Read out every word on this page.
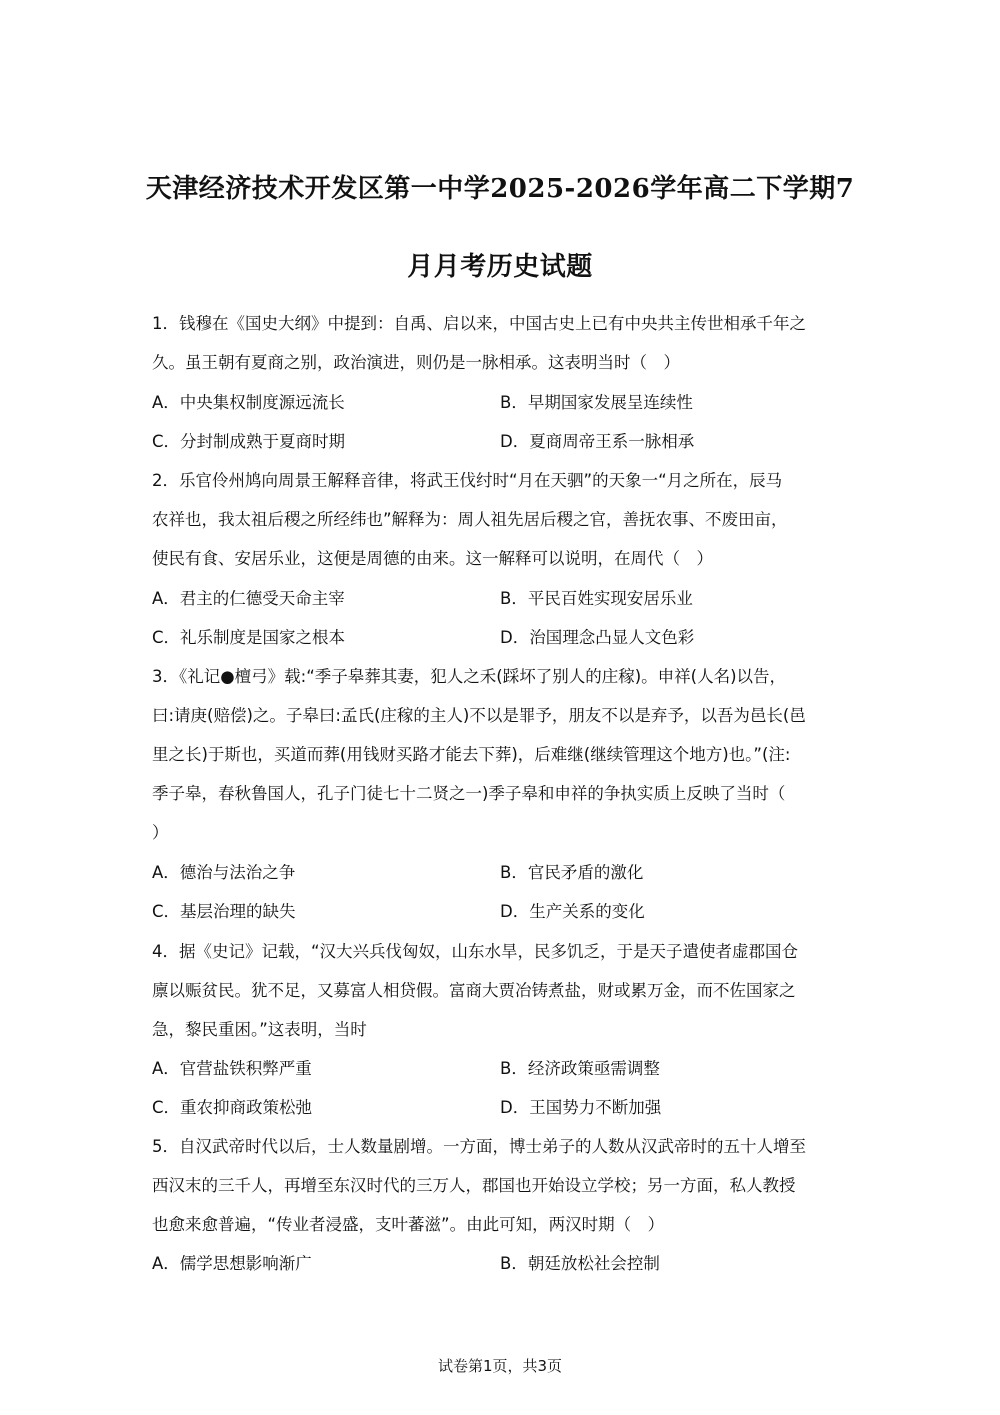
天津经济技术开发区第一中学2025-2026学年高二下学期7
月月考历史试题

1．钱穆在《国史大纲》中提到：自禹、启以来，中国古史上已有中央共主传世相承千年之

久。虽王朝有夏商之别，政治演进，则仍是一脉相承。这表明当时（　）

A．中央集权制度源远流长	B．早期国家发展呈连续性
C．分封制成熟于夏商时期	D．夏商周帝王系一脉相承

2．乐官伶州鸠向周景王解释音律，将武王伐纣时“月在天驷”的天象一“月之所在，辰马

农祥也，我太祖后稷之所经纬也”解释为：周人祖先居后稷之官，善抚农事、不废田亩，

使民有食、安居乐业，这便是周德的由来。这一解释可以说明，在周代（　）

A．君主的仁德受天命主宰	B．平民百姓实现安居乐业
C．礼乐制度是国家之根本	D．治国理念凸显人文色彩

3．《礼记●檀弓》载:“季子皋葬其妻，犯人之禾(踩坏了别人的庄稼)。申祥(人名)以告，

曰:请庚(赔偿)之。子皋曰:孟氏(庄稼的主人)不以是罪予，朋友不以是弃予，以吾为邑长(邑

里之长)于斯也，买道而葬(用钱财买路才能去下葬)，后难继(继续管理这个地方)也。”(注:

季子皋，春秋鲁国人，孔子门徒七十二贤之一)季子皋和申祥的争执实质上反映了当时（

）

A．德治与法治之争	B．官民矛盾的激化
C．基层治理的缺失	D．生产关系的变化

4．据《史记》记载，“汉大兴兵伐匈奴，山东水旱，民多饥乏，于是天子遣使者虚郡国仓

廪以赈贫民。犹不足，又募富人相贷假。富商大贾冶铸煮盐，财或累万金，而不佐国家之

急，黎民重困。”这表明，当时

A．官营盐铁积弊严重	B．经济政策亟需调整
C．重农抑商政策松弛	D．王国势力不断加强

5．自汉武帝时代以后，士人数量剧增。一方面，博士弟子的人数从汉武帝时的五十人增至

西汉末的三千人，再增至东汉时代的三万人，郡国也开始设立学校；另一方面，私人教授

也愈来愈普遍，“传业者浸盛，支叶蕃滋”。由此可知，两汉时期（　）

A．儒学思想影响渐广	B．朝廷放松社会控制
试卷第1页，共3页
